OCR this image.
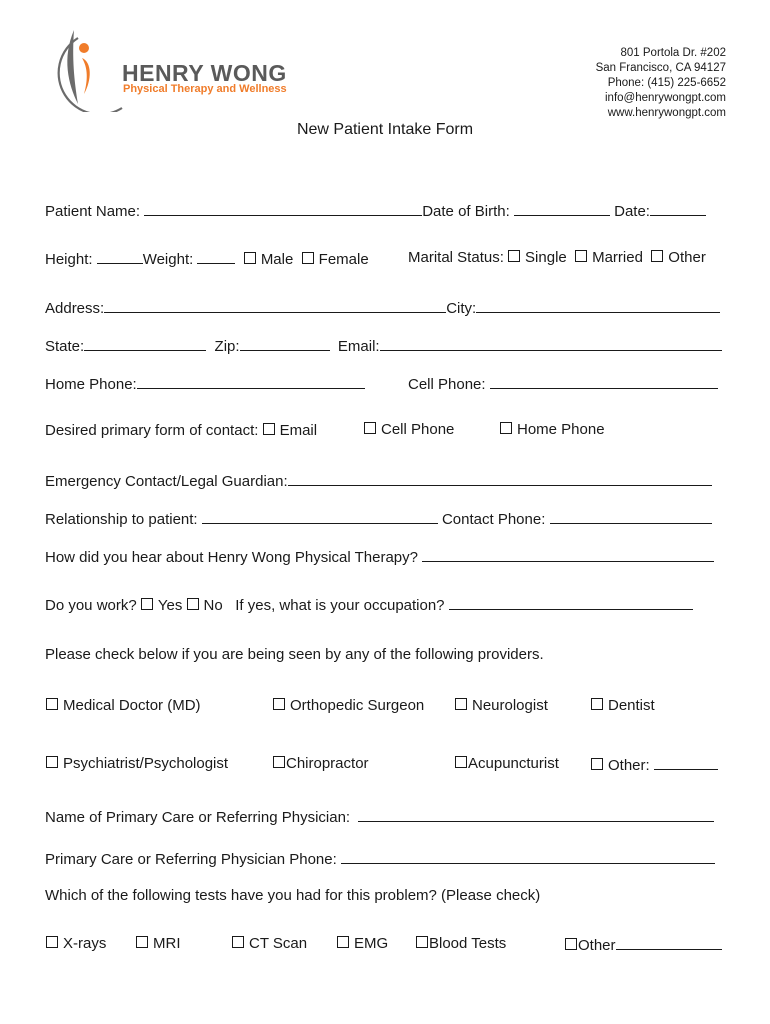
HENRY WONG
Physical Therapy and Wellness
801 Portola Dr. #202
San Francisco, CA 94127
Phone: (415) 225-6652
info@henrywongpt.com
www.henrywongpt.com
New Patient Intake Form
Patient Name:	Date of Birth:	Date:
Height:	Weight:	Male Female	Marital Status: Single Married Other
Address:	City:
State:	Zip:	Email:
Home Phone:	Cell Phone:
Desired primary form of contact: Email	Cell Phone	Home Phone
Emergency Contact/Legal Guardian:
Relationship to patient:	Contact Phone:
How did you hear about Henry Wong Physical Therapy?
Do you work? Yes No If yes, what is your occupation?
Please check below if you are being seen by any of the following providers.
Medical Doctor (MD)	Orthopedic Surgeon	Neurologist	Dentist
Psychiatrist/Psychologist	Chiropractor	Acupuncturist	Other:
Name of Primary Care or Referring Physician:
Primary Care or Referring Physician Phone:
Which of the following tests have you had for this problem? (Please check)
X-rays	MRI	CT Scan	EMG	Blood Tests	Other
